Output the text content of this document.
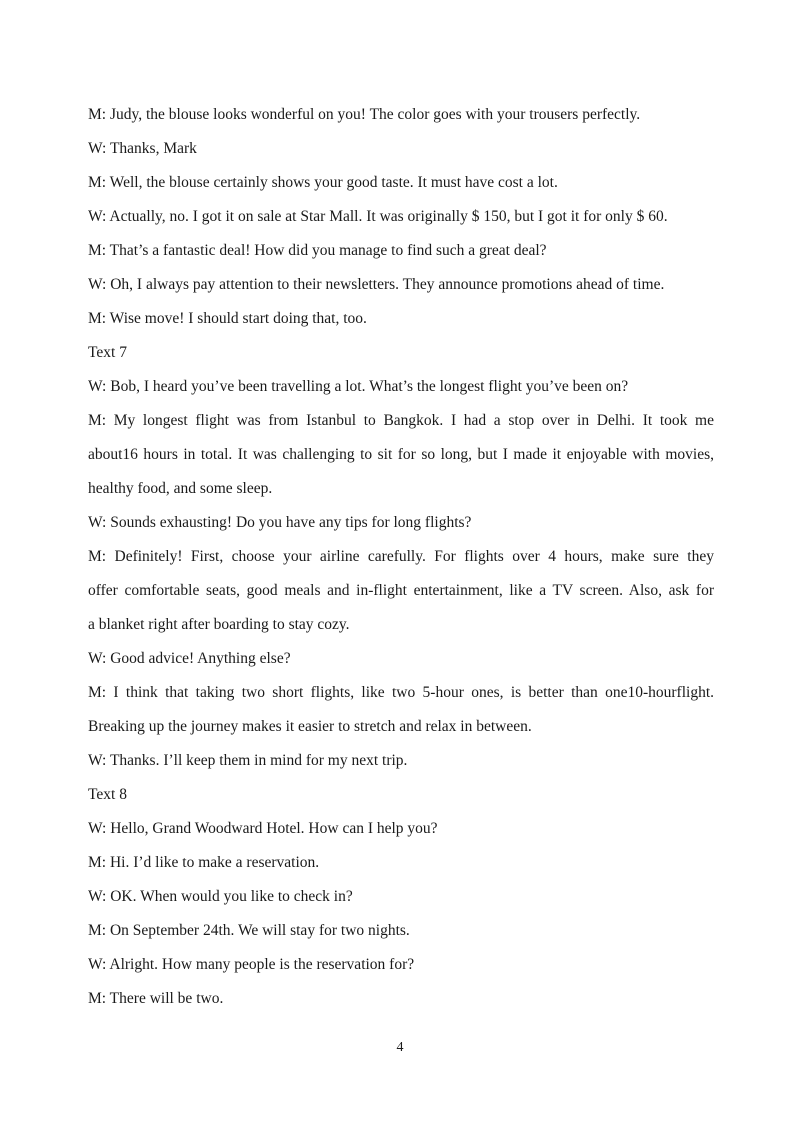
M: Judy, the blouse looks wonderful on you! The color goes with your trousers perfectly.
W: Thanks, Mark
M: Well, the blouse certainly shows your good taste. It must have cost a lot.
W: Actually, no. I got it on sale at Star Mall. It was originally $ 150, but I got it for only $ 60.
M: That’s a fantastic deal! How did you manage to find such a great deal?
W: Oh, I always pay attention to their newsletters. They announce promotions ahead of time.
M: Wise move! I should start doing that, too.
Text 7
W: Bob, I heard you’ve been travelling a lot. What’s the longest flight you’ve been on?
M: My longest flight was from Istanbul to Bangkok. I had a stop over in Delhi. It took me
about16 hours in total. It was challenging to sit for so long, but I made it enjoyable with movies,
healthy food, and some sleep.
W: Sounds exhausting! Do you have any tips for long flights?
M: Definitely! First, choose your airline carefully. For flights over 4 hours, make sure they
offer comfortable seats, good meals and in-flight entertainment, like a TV screen. Also, ask for
a blanket right after boarding to stay cozy.
W: Good advice! Anything else?
M: I think that taking two short flights, like two 5-hour ones, is better than one10-hourflight.
Breaking up the journey makes it easier to stretch and relax in between.
W: Thanks. I’ll keep them in mind for my next trip.
Text 8
W: Hello, Grand Woodward Hotel. How can I help you?
M: Hi. I’d like to make a reservation.
W: OK. When would you like to check in?
M: On September 24th. We will stay for two nights.
W: Alright. How many people is the reservation for?
M: There will be two.
4
